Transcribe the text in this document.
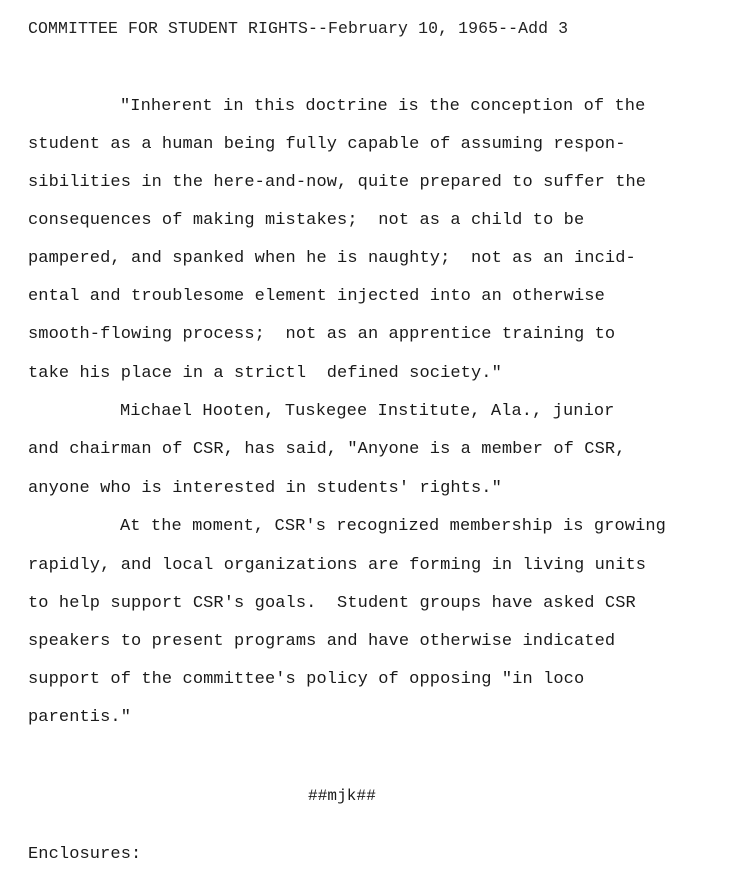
COMMITTEE FOR STUDENT RIGHTS--February 10, 1965--Add 3
"Inherent in this doctrine is the conception of the
student as a human being fully capable of assuming respon-
sibilities in the here-and-now, quite prepared to suffer the
consequences of making mistakes;  not as a child to be
pampered, and spanked when he is naughty;  not as an incid-
ental and troublesome element injected into an otherwise
smooth-flowing process;  not as an apprentice training to
take his place in a strictl  defined society."
Michael Hooten, Tuskegee Institute, Ala., junior
and chairman of CSR, has said, "Anyone is a member of CSR,
anyone who is interested in students' rights."
At the moment, CSR's recognized membership is growing
rapidly, and local organizations are forming in living units
to help support CSR's goals.  Student groups have asked CSR
speakers to present programs and have otherwise indicated
support of the committee's policy of opposing "in loco
parentis."
##mjk##
Enclosures:
